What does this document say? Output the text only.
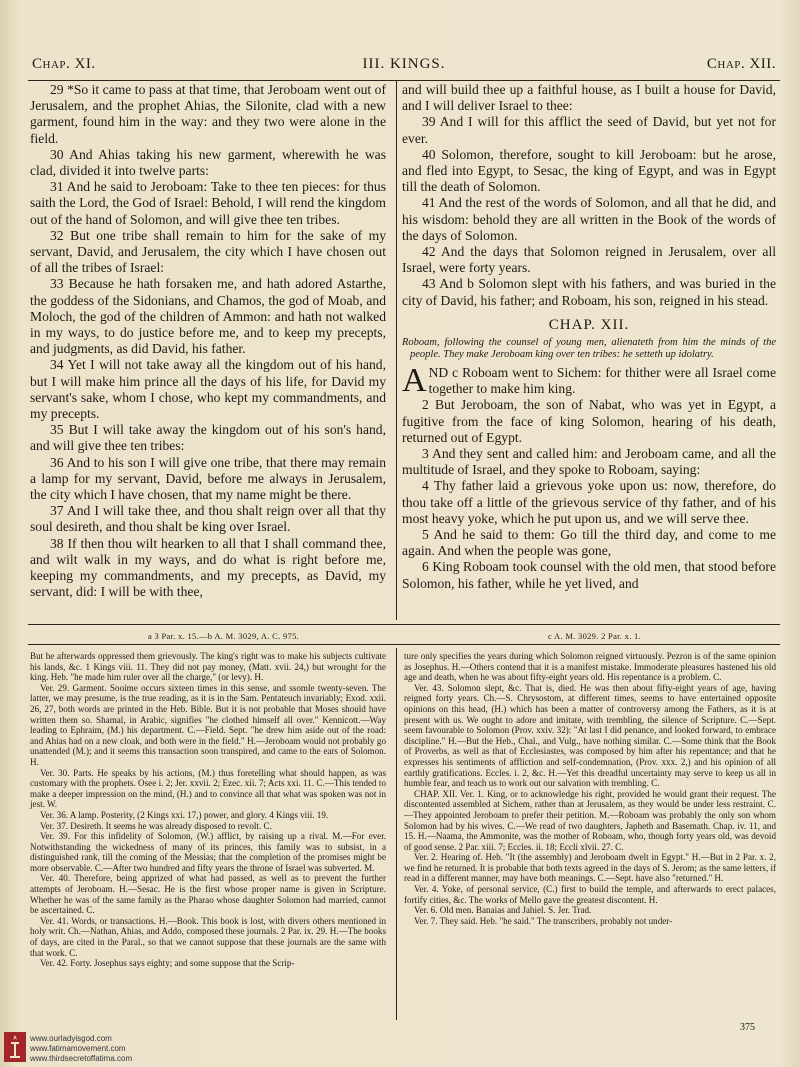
Chap. XI.	III. KINGS.	Chap. XII.

29 *So it came to pass at that time, that Jeroboam went out of Jerusalem, and the prophet Ahias, the Silonite, clad with a new garment, found him in the way: and they two were alone in the field.

30 And Ahias taking his new garment, wherewith he was clad, divided it into twelve parts:

31 And he said to Jeroboam: Take to thee ten pieces: for thus saith the Lord, the God of Israel: Behold, I will rend the kingdom out of the hand of Solomon, and will give thee ten tribes.

32 But one tribe shall remain to him for the sake of my servant, David, and Jerusalem, the city which I have chosen out of all the tribes of Israel:

33 Because he hath forsaken me, and hath adored Astarthe, the goddess of the Sidonians, and Chamos, the god of Moab, and Moloch, the god of the children of Ammon: and hath not walked in my ways, to do justice before me, and to keep my precepts, and judgments, as did David, his father.

34 Yet I will not take away all the kingdom out of his hand, but I will make him prince all the days of his life, for David my servant's sake, whom I chose, who kept my commandments, and my precepts.

35 But I will take away the kingdom out of his son's hand, and will give thee ten tribes:

36 And to his son I will give one tribe, that there may remain a lamp for my servant, David, before me always in Jerusalem, the city which I have chosen, that my name might be there.

37 And I will take thee, and thou shalt reign over all that thy soul desireth, and thou shalt be king over Israel.

38 If then thou wilt hearken to all that I shall command thee, and wilt walk in my ways, and do what is right before me, keeping my commandments, and my precepts, as David, my servant, did: I will be with thee,

and will build thee up a faithful house, as I built a house for David, and I will deliver Israel to thee:

39 And I will for this afflict the seed of David, but yet not for ever.

40 Solomon, therefore, sought to kill Jeroboam: but he arose, and fled into Egypt, to Sesac, the king of Egypt, and was in Egypt till the death of Solomon.

41 And the rest of the words of Solomon, and all that he did, and his wisdom: behold they are all written in the Book of the words of the days of Solomon.

42 And the days that Solomon reigned in Jerusalem, over all Israel, were forty years.

43 And b Solomon slept with his fathers, and was buried in the city of David, his father; and Roboam, his son, reigned in his stead.

CHAP. XII.
Roboam, following the counsel of young men, alienateth from him the minds of the people. They make Jeroboam king over ten tribes: he setteth up idolatry.

AND c Roboam went to Sichem: for thither were all Israel come together to make him king.

2 But Jeroboam, the son of Nabat, who was yet in Egypt, a fugitive from the face of king Solomon, hearing of his death, returned out of Egypt.

3 And they sent and called him: and Jeroboam came, and all the multitude of Israel, and they spoke to Roboam, saying:

4 Thy father laid a grievous yoke upon us: now, therefore, do thou take off a little of the grievous service of thy father, and of his most heavy yoke, which he put upon us, and we will serve thee.

5 And he said to them: Go till the third day, and come to me again. And when the people was gone,

6 King Roboam took counsel with the old men, that stood before Solomon, his father, while he yet lived, and

a 3 Par. x. 15.—b A. M. 3029, A. C. 975.	c A. M. 3029. 2 Par. x. 1.

But he afterwards oppressed them grievously. The king's right was to make his subjects cultivate his lands, &c. 1 Kings viii. 11. They did not pay money, (Matt. xvii. 24,) but wrought for the king. Heb. "he made him ruler over all the charge," (or levy). H.

Ver. 29. Garment. Sooime occurs sixteen times in this sense, and ssomle twenty-seven. The latter, we may presume, is the true reading, as it is in the Sam. Pentateuch invariably; Exod. xxii. 26, 27, both words are printed in the Heb. Bible. But it is not probable that Moses should have written them so. Shamal, in Arabic, signifies "he clothed himself all over." Kennicott.—Way leading to Ephraim, (M.) his department. C.—Field. Sept. "he drew him aside out of the road: and Ahias had on a new cloak, and both were in the field." H.—Jeroboam would not probably go unattended (M.); and it seems this transaction soon transpired, and came to the ears of Solomon. H.

Ver. 30. Parts. He speaks by his actions, (M.) thus foretelling what should happen, as was customary with the prophets. Osee i. 2; Jer. xxvii. 2; Ezec. xii. 7; Acts xxi. 11. C.—This tended to make a deeper impression on the mind, (H.) and to convince all that what was spoken was not in jest. W.

Ver. 36. A lamp. Posterity, (2 Kings xxi. 17,) power, and glory. 4 Kings viii. 19.

Ver. 37. Desireth. It seems he was already disposed to revolt. C.

Ver. 39. For this infidelity of Solomon, (W.) afflict, by raising up a rival. M.—For ever. Notwithstanding the wickedness of many of its princes, this family was to subsist, in a distinguished rank, till the coming of the Messias; that the completion of the promises might be more observable. C.—After two hundred and fifty years the throne of Israel was subverted. M.

Ver. 40. Therefore, being apprized of what had passed, as well as to prevent the further attempts of Jeroboam. H.—Sesac. He is the first whose proper name is given in Scripture. Whether he was of the same family as the Pharao whose daughter Solomon had married, cannot be ascertained. C.

Ver. 41. Words, or transactions. H.—Book. This book is lost, with divers others mentioned in holy writ. Ch.—Nathan, Ahias, and Addo, composed these journals. 2 Par. ix. 29. H.—The books of days, are cited in the Paral., so that we cannot suppose that these journals are the same with that work. C.

Ver. 42. Forty. Josephus says eighty; and some suppose that the Scrip-

ture only specifies the years during which Solomon reigned virtuously. Pezron is of the same opinion as Josephus. H.—Others contend that it is a manifest mistake. Immoderate pleasures hastened his old age and death, when he was about fifty-eight years old. His repentance is a problem. C.

Ver. 43. Solomon slept, &c. That is, died. He was then about fifty-eight years of age, having reigned forty years. Ch.—S. Chrysostom, at different times, seems to have entertained opposite opinions on this head, (H.) which has been a matter of controversy among the Fathers, as it is at present with us. We ought to adore and imitate, with trembling, the silence of Scripture. C.—Sept. seem favourable to Solomon (Prov. xxiv. 32): "At last I did penance, and looked forward, to embrace discipline." H.—But the Heb., Chal., and Vulg., have nothing similar. C.—Some think that the Book of Proverbs, as well as that of Ecclesiastes, was composed by him after his repentance; and that he expresses his sentiments of affliction and self-condemnation, (Prov. xxx. 2,) and his opinion of all earthly gratifications. Eccles. i. 2, &c. H.—Yet this dreadful uncertainty may serve to keep us all in humble fear, and teach us to work out our salvation with trembling. C.

CHAP. XII. Ver. 1. King, or to acknowledge his right, provided he would grant their request. The discontented assembled at Sichem, rather than at Jerusalem, as they would be under less restraint. C.—They appointed Jeroboam to prefer their petition. M.—Roboam was probably the only son whom Solomon had by his wives. C.—We read of two daughters, Japheth and Basemath. Chap. iv. 11, and 15. H.—Naama, the Ammonite, was the mother of Roboam, who, though forty years old, was devoid of good sense. 2 Par. xiii. 7; Eccles. ii. 18; Eccli xlvii. 27. C.

Ver. 2. Hearing of. Heb. "It (the assembly) and Jeroboam dwelt in Egypt." H.—But in 2 Par. x. 2, we find he returned. It is probable that both texts agreed in the days of S. Jerom; as the same letters, if read in a different manner, may have both meanings. C.—Sept. have also "returned." H.

Ver. 4. Yoke, of personal service, (C.) first to build the temple, and afterwards to erect palaces, fortify cities, &c. The works of Mello gave the greatest discontent. H.

Ver. 6. Old men. Banaias and Jahiel. S. Jer. Trad.

Ver. 7. They said. Heb. "he said." The transcribers, probably not under-

375
www.ourladyisgod.com
www.fatimamovement.com
www.thirdsecretoffatima.com
